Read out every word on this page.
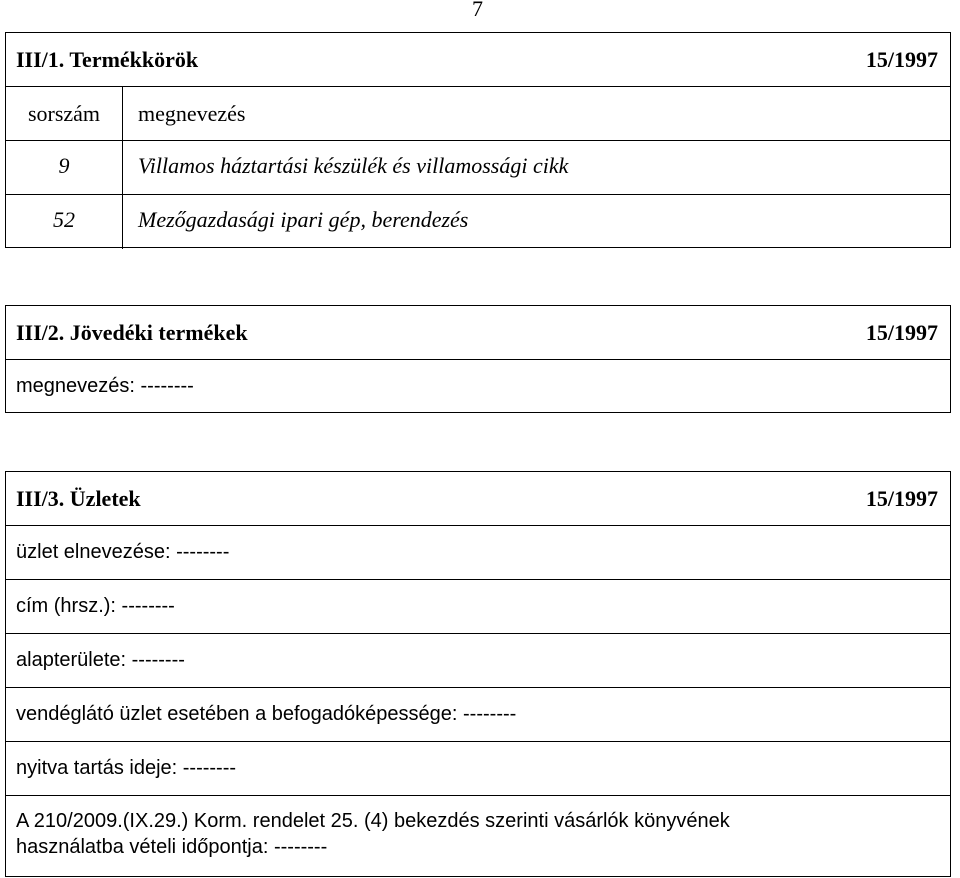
7
III/1. Termékkörök	15/1997
sorszám	megnevezés
9	Villamos háztartási készülék és villamossági cikk
52	Mezőgazdasági ipari gép, berendezés
III/2. Jövedéki termékek	15/1997
megnevezés: --------
III/3. Üzletek	15/1997
üzlet elnevezése: --------
cím (hrsz.): --------
alapterülete: --------
vendéglátó üzlet esetében a befogadóképessége: --------
nyitva tartás ideje: --------
A 210/2009.(IX.29.) Korm. rendelet 25. (4) bekezdés szerinti vásárlók könyvének
használatba vételi időpontja: --------
